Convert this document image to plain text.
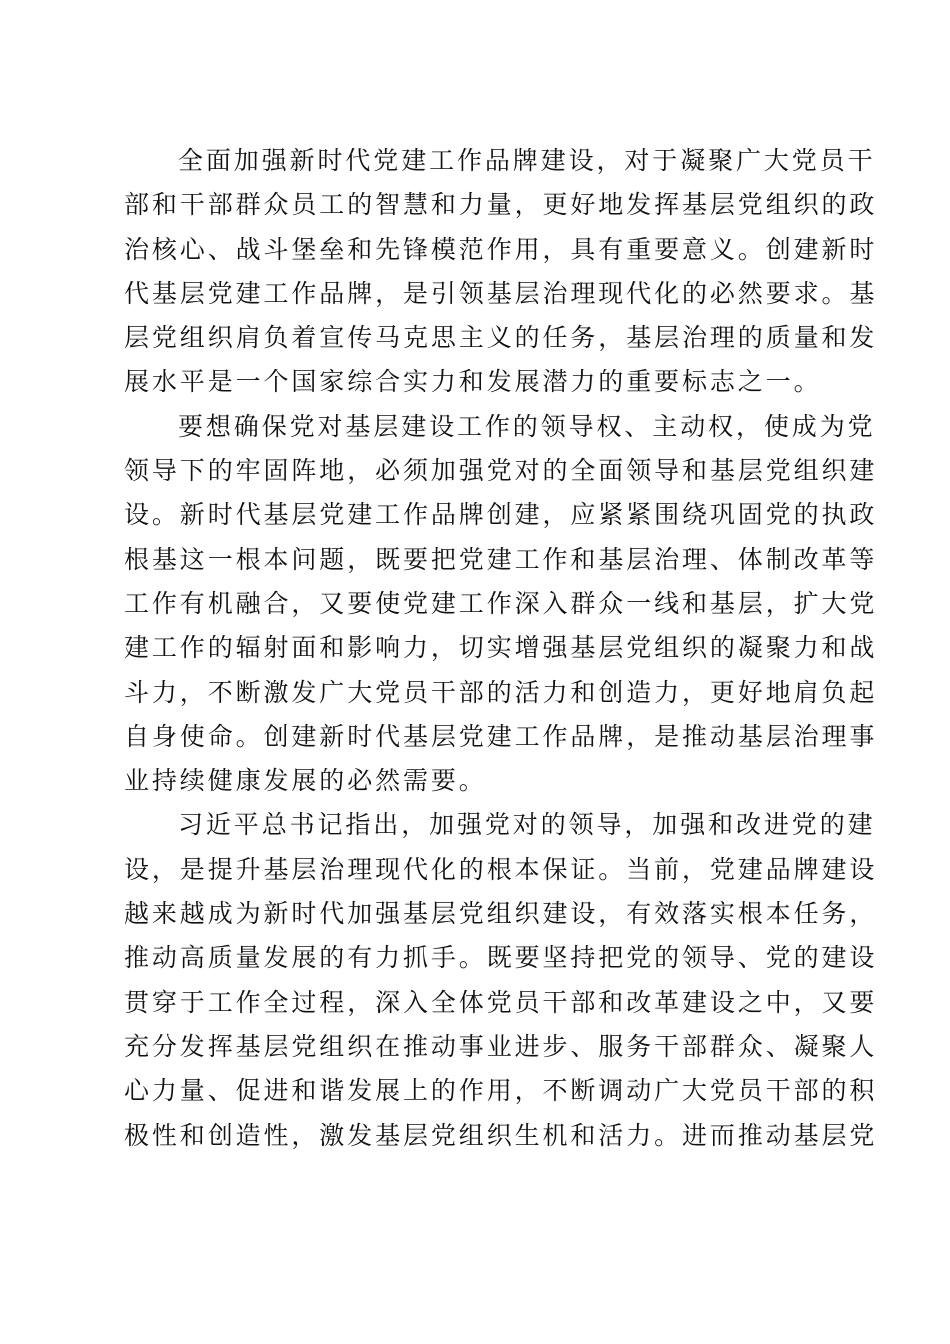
全面加强新时代党建工作品牌建设，对于凝聚广大党员干
部和干部群众员工的智慧和力量，更好地发挥基层党组织的政
治核心、战斗堡垒和先锋模范作用，具有重要意义。创建新时
代基层党建工作品牌，是引领基层治理现代化的必然要求。基
层党组织肩负着宣传马克思主义的任务，基层治理的质量和发
展水平是一个国家综合实力和发展潜力的重要标志之一。
要想确保党对基层建设工作的领导权、主动权，使成为党
领导下的牢固阵地，必须加强党对的全面领导和基层党组织建
设。新时代基层党建工作品牌创建，应紧紧围绕巩固党的执政
根基这一根本问题，既要把党建工作和基层治理、体制改革等
工作有机融合，又要使党建工作深入群众一线和基层，扩大党
建工作的辐射面和影响力，切实增强基层党组织的凝聚力和战
斗力，不断激发广大党员干部的活力和创造力，更好地肩负起
自身使命。创建新时代基层党建工作品牌，是推动基层治理事
业持续健康发展的必然需要。
习近平总书记指出，加强党对的领导，加强和改进党的建
设，是提升基层治理现代化的根本保证。当前，党建品牌建设
越来越成为新时代加强基层党组织建设，有效落实根本任务，
推动高质量发展的有力抓手。既要坚持把党的领导、党的建设
贯穿于工作全过程，深入全体党员干部和改革建设之中，又要
充分发挥基层党组织在推动事业进步、服务干部群众、凝聚人
心力量、促进和谐发展上的作用，不断调动广大党员干部的积
极性和创造性，激发基层党组织生机和活力。进而推动基层党
